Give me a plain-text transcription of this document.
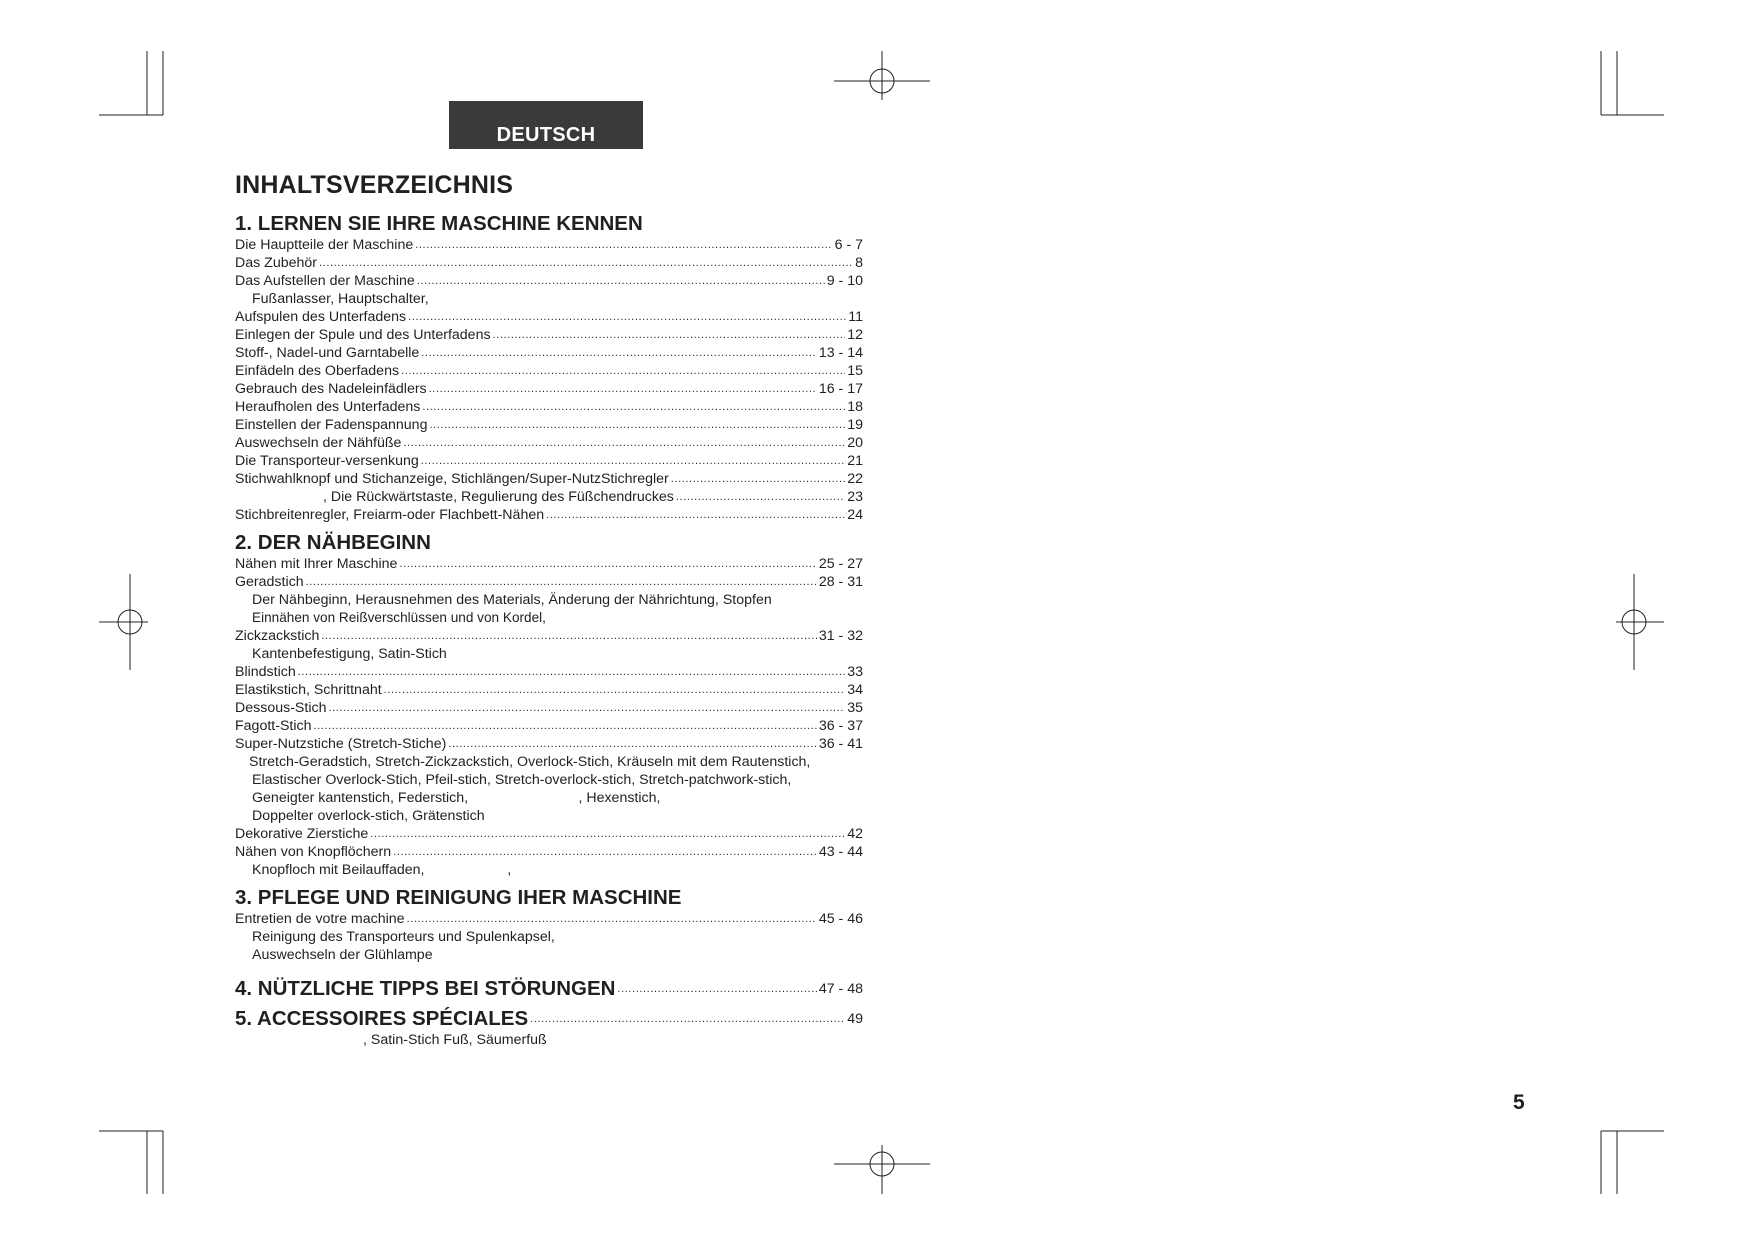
DEUTSCH
INHALTSVERZEICHNIS
1. LERNEN SIE IHRE MASCHINE KENNEN
Die Hauptteile der Maschine .....	6 - 7
Das Zubehör .....	8
Das Aufstellen der Maschine .....	9 - 10
Fußanlasser, Hauptschalter,
Aufspulen des Unterfadens .....	11
Einlegen der Spule und des Unterfadens .....	12
Stoff-, Nadel-und Garntabelle .....	13 - 14
Einfädeln des Oberfadens .....	15
Gebrauch des Nadeleinfädlers .....	16 - 17
Heraufholen des Unterfadens .....	18
Einstellen der Fadenspannung .....	19
Auswechseln der Nähfüße .....	20
Die Transporteur-versenkung .....	21
Stichwahlknopf und Stichanzeige, Stichlängen/Super-NutzStichregler .....	22
, Die Rückwärtstaste, Regulierung des Füßchendruckes .....	23
Stichbreitenregler, Freiarm-oder Flachbett-Nähen .....	24
2. DER NÄHBEGINN
Nähen mit Ihrer Maschine .....	25 - 27
Geradstich .....	28 - 31
Der Nähbeginn, Herausnehmen des Materials, Änderung der Nährichtung, Stopfen
Einnähen von Reißverschlüssen und von Kordel,
Zickzackstich .....	31 - 32
Kantenbefestigung, Satin-Stich
Blindstich .....	33
Elastikstich, Schrittnaht .....	34
Dessous-Stich .....	35
Fagott-Stich .....	36 - 37
Super-Nutzstiche (Stretch-Stiche) .....	36 - 41
Stretch-Geradstich, Stretch-Zickzackstich, Overlock-Stich, Kräuseln mit dem Rautenstich,
Elastischer Overlock-Stich, Pfeil-stich, Stretch-overlock-stich, Stretch-patchwork-stich,
Geneigter kantenstich, Federstich,                            , Hexenstich,
Doppelter overlock-stich, Grätenstich
Dekorative Zierstiche .....	42
Nähen von Knopflöchern .....	43 - 44
Knopfloch mit Beilauffaden,                     ,
3. PFLEGE UND REINIGUNG IHER MASCHINE
Entretien de votre machine .....	45 - 46
Reinigung des Transporteurs und Spulenkapsel,
Auswechseln der Glühlampe
4. NÜTZLICHE TIPPS BEI STÖRUNGEN .....	47 - 48
5. ACCESSOIRES SPÉCIALES .....	49
, Satin-Stich Fuß, Säumerfuß
5
